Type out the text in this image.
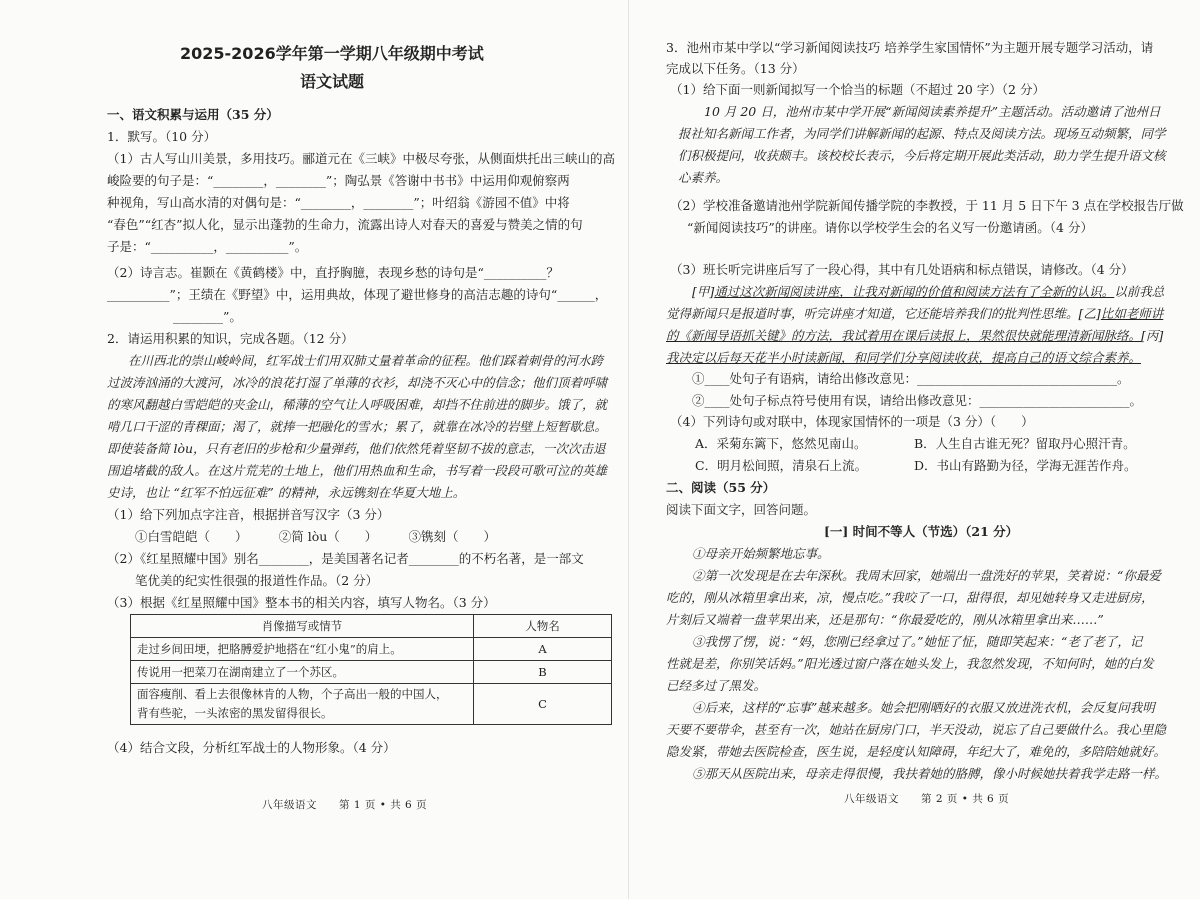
2025-2026学年第一学期八年级期中考试
语文试题
一、语文积累与运用（35 分）
1．默写。（10 分）
（1）古人写山川美景，多用技巧。郦道元在《三峡》中极尽夸张，从侧面烘托出三峡山的高
峻险要的句子是：“________，________”；陶弘景《答谢中书书》中运用仰观俯察两
种视角，写山高水清的对偶句是：“________，________”；叶绍翁《游园不值》中将
“春色”“红杏”拟人化，显示出蓬勃的生命力，流露出诗人对春天的喜爱与赞美之情的句
子是：“__________，__________”。
（2）诗言志。崔颢在《黄鹤楼》中，直抒胸臆，表现乡愁的诗句是“__________？
__________”；王绩在《野望》中，运用典故，体现了避世修身的高洁志趣的诗句“______，
________”。
2．请运用积累的知识，完成各题。（12 分）
在川西北的崇山峻岭间，红军战士们用双肺丈量着革命的征程。他们踩着刺骨的河水跨
过波涛汹涌的大渡河，冰冷的浪花打湿了单薄的衣衫，却浇不灭心中的信念；他们顶着呼啸
的寒风翻越白雪皑皑的夹金山，稀薄的空气让人呼吸困难，却挡不住前进的脚步。饿了，就
啃几口干涩的青稞面；渴了，就捧一把融化的雪水；累了，就靠在冰冷的岩壁上短暂歇息。
即使装备简 lòu，只有老旧的步枪和少量弹药，他们依然凭着坚韧不拔的意志，一次次击退
围追堵截的敌人。在这片荒芜的土地上，他们用热血和生命，书写着一段段可歌可泣的英雄
史诗，也让 “红军不怕远征难” 的精神，永远镌刻在华夏大地上。
（1）给下列加点字注音，根据拼音写汉字（3 分）
①白雪皑皑（　　）　　　②简 lòu（　　）　　　③镌刻（　　）
（2）《红星照耀中国》别名________，是美国著名记者________的不朽名著，是一部文
笔优美的纪实性很强的报道性作品。（2 分）
（3）根据《红星照耀中国》整本书的相关内容，填写人物名。（3 分）
肖像描写或情节	人物名
走过乡间田埂，把胳膊爱护地搭在“红小鬼”的肩上。	A
传说用一把菜刀在湖南建立了一个苏区。	B

面容瘦削、看上去很像林肯的人物，个子高出一般的中国人，
背有些驼，一头浓密的黑发留得很长。	C
（4）结合文段，分析红军战士的人物形象。（4 分）
八年级语文　　第 1 页 • 共 6 页
3．池州市某中学以“学习新闻阅读技巧 培养学生家国情怀”为主题开展专题学习活动，请
完成以下任务。（13 分）
（1）给下面一则新闻拟写一个恰当的标题（不超过 20 字）（2 分）
10 月 20 日，池州市某中学开展“新闻阅读素养提升”主题活动。活动邀请了池州日
报社知名新闻工作者，为同学们讲解新闻的起源、特点及阅读方法。现场互动频繁，同学
们积极提问，收获颇丰。该校校长表示，今后将定期开展此类活动，助力学生提升语文核
心素养。
（2）学校准备邀请池州学院新闻传播学院的李教授，于 11 月 5 日下午 3 点在学校报告厅做
“新闻阅读技巧”的讲座。请你以学校学生会的名义写一份邀请函。（4 分）
（3）班长听完讲座后写了一段心得，其中有几处语病和标点错误，请修改。（4 分）
[甲]通过这次新闻阅读讲座，让我对新闻的价值和阅读方法有了全新的认识。以前我总
觉得新闻只是报道时事，听完讲座才知道，它还能培养我们的批判性思维。[乙]比如老师讲
的《新闻导语抓关键》的方法，我试着用在课后读报上，果然很快就能理清新闻脉络。[丙]
我决定以后每天花半小时读新闻，和同学们分享阅读收获，提高自己的语文综合素养。
①____处句子有语病，请给出修改意见：________________________________。
②____处句子标点符号使用有误，请给出修改意见：________________________。
（4）下列诗句或对联中，体现家国情怀的一项是（3 分）（　　）
A．采菊东篱下，悠然见南山。	B．人生自古谁无死？留取丹心照汗青。
C．明月松间照，清泉石上流。	D．书山有路勤为径，学海无涯苦作舟。
二、阅读（55 分）
阅读下面文字，回答问题。
[一] 时间不等人（节选）（21 分）
①母亲开始频繁地忘事。
②第一次发现是在去年深秋。我周末回家，她端出一盘洗好的苹果，笑着说：“你最爱
吃的，刚从冰箱里拿出来，凉，慢点吃。”我咬了一口，甜得很，却见她转身又走进厨房，
片刻后又端着一盘苹果出来，还是那句：“你最爱吃的，刚从冰箱里拿出来……”
③我愣了愣，说：“妈，您刚已经拿过了。”她怔了怔，随即笑起来：“老了老了，记
性就是差，你别笑话妈。”阳光透过窗户落在她头发上，我忽然发现，不知何时，她的白发
已经多过了黑发。
④后来，这样的“忘事”越来越多。她会把刚晒好的衣服又放进洗衣机，会反复问我明
天要不要带伞，甚至有一次，她站在厨房门口，半天没动，说忘了自己要做什么。我心里隐
隐发紧，带她去医院检查，医生说，是轻度认知障碍，年纪大了，难免的，多陪陪她就好。
⑤那天从医院出来，母亲走得很慢，我扶着她的胳膊，像小时候她扶着我学走路一样。
八年级语文　　第 2 页 • 共 6 页
